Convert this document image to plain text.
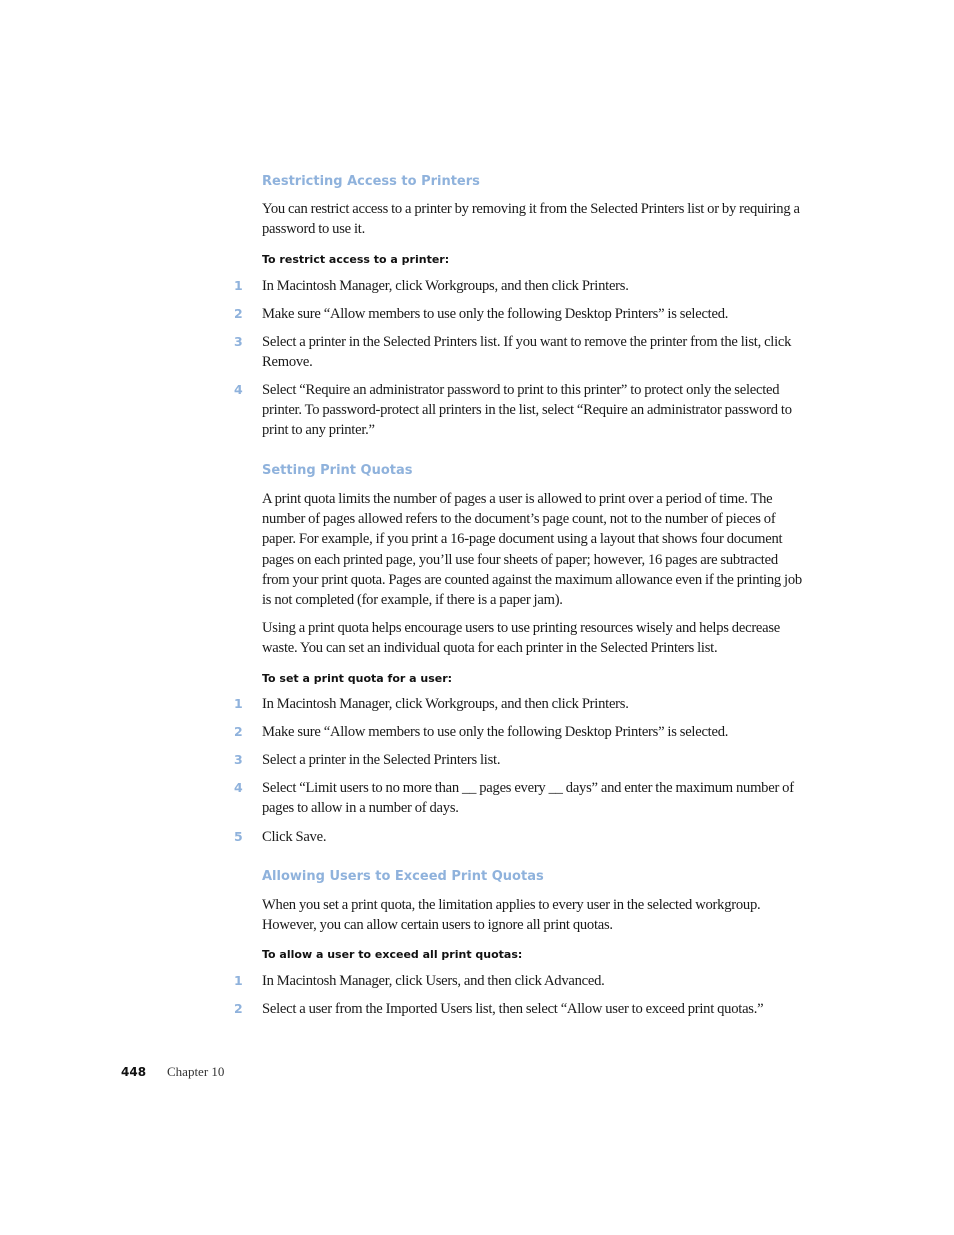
Restricting Access to Printers
You can restrict access to a printer by removing it from the Selected Printers list or by requiring a password to use it.
To restrict access to a printer:
1 In Macintosh Manager, click Workgroups, and then click Printers.
2 Make sure “Allow members to use only the following Desktop Printers” is selected.
3 Select a printer in the Selected Printers list. If you want to remove the printer from the list, click Remove.
4 Select “Require an administrator password to print to this printer” to protect only the selected printer. To password-protect all printers in the list, select “Require an administrator password to print to any printer.”
Setting Print Quotas
A print quota limits the number of pages a user is allowed to print over a period of time. The number of pages allowed refers to the document’s page count, not to the number of pieces of paper. For example, if you print a 16-page document using a layout that shows four document pages on each printed page, you’ll use four sheets of paper; however, 16 pages are subtracted from your print quota. Pages are counted against the maximum allowance even if the printing job is not completed (for example, if there is a paper jam).
Using a print quota helps encourage users to use printing resources wisely and helps decrease waste. You can set an individual quota for each printer in the Selected Printers list.
To set a print quota for a user:
1 In Macintosh Manager, click Workgroups, and then click Printers.
2 Make sure “Allow members to use only the following Desktop Printers” is selected.
3 Select a printer in the Selected Printers list.
4 Select “Limit users to no more than __ pages every __ days” and enter the maximum number of pages to allow in a number of days.
5 Click Save.
Allowing Users to Exceed Print Quotas
When you set a print quota, the limitation applies to every user in the selected workgroup. However, you can allow certain users to ignore all print quotas.
To allow a user to exceed all print quotas:
1 In Macintosh Manager, click Users, and then click Advanced.
2 Select a user from the Imported Users list, then select “Allow user to exceed print quotas.”
448 Chapter 10
